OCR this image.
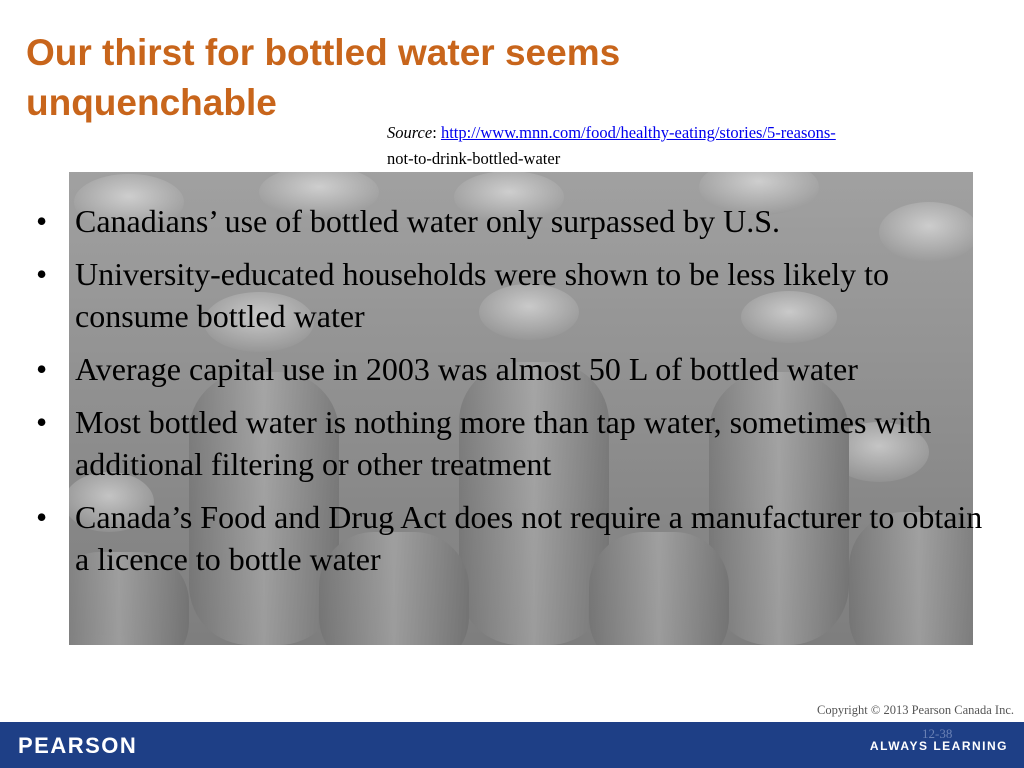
Our thirst for bottled water seems unquenchable
Source: http://www.mnn.com/food/healthy-eating/stories/5-reasons-
not-to-drink-bottled-water
• Canadians’ use of bottled water only surpassed by U.S.
• University-educated households were shown to be less likely to consume bottled water
• Average capital use in 2003 was almost 50 L of bottled water
• Most bottled water is nothing more than tap water, sometimes with additional filtering or other treatment
• Canada’s Food and Drug Act does not require a manufacturer to obtain a licence to bottle water
Copyright © 2013 Pearson Canada Inc.
PEARSON	12-38
ALWAYS LEARNING
